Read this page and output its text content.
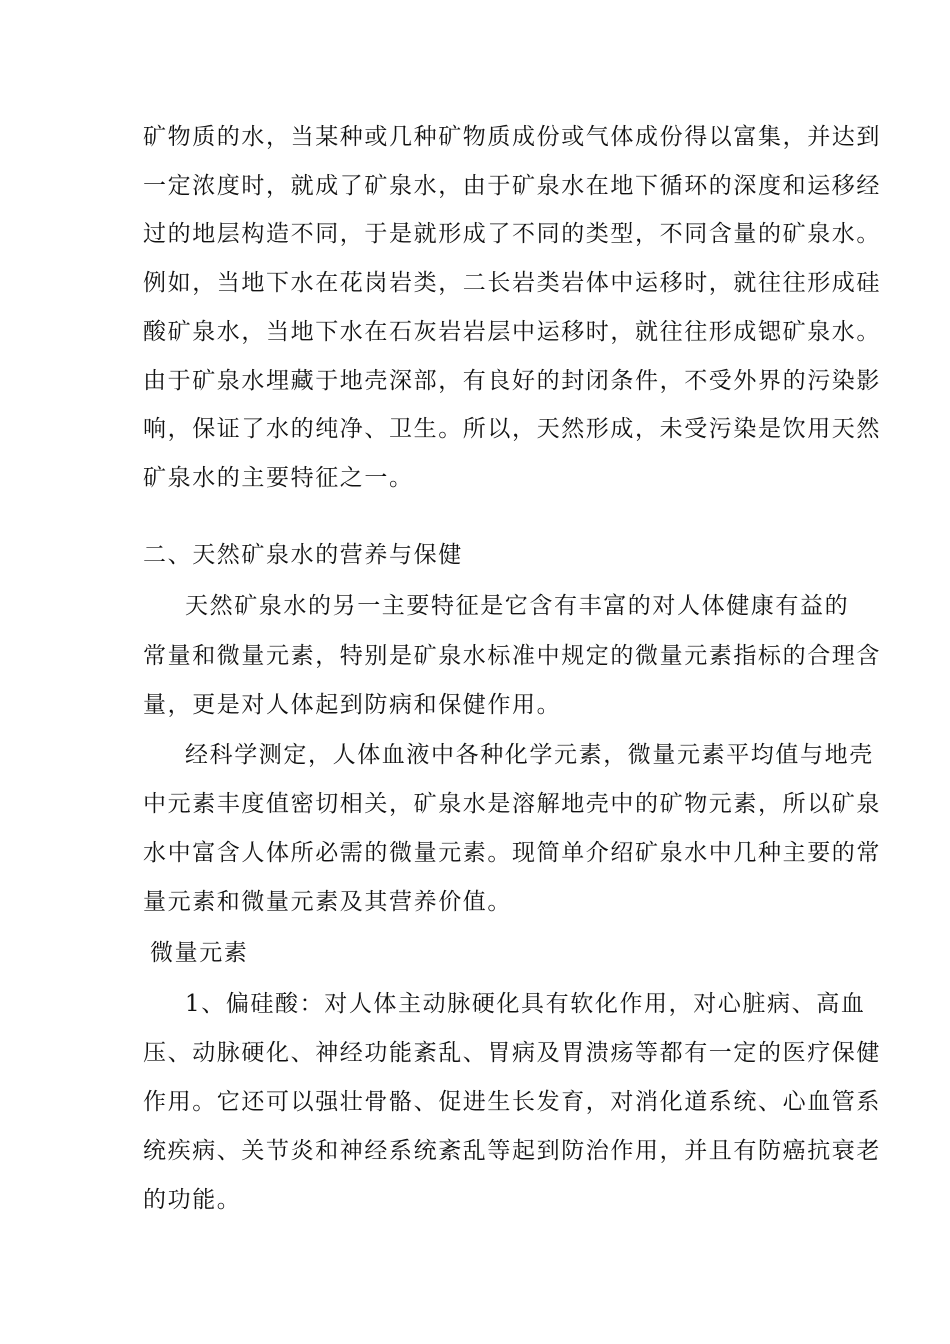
矿物质的水，当某种或几种矿物质成份或气体成份得以富集，并达到
一定浓度时，就成了矿泉水，由于矿泉水在地下循环的深度和运移经
过的地层构造不同，于是就形成了不同的类型，不同含量的矿泉水。
例如，当地下水在花岗岩类，二长岩类岩体中运移时，就往往形成硅
酸矿泉水，当地下水在石灰岩岩层中运移时，就往往形成锶矿泉水。
由于矿泉水埋藏于地壳深部，有良好的封闭条件，不受外界的污染影
响，保证了水的纯净、卫生。所以，天然形成，未受污染是饮用天然
矿泉水的主要特征之一。
二、天然矿泉水的营养与保健
天然矿泉水的另一主要特征是它含有丰富的对人体健康有益的
常量和微量元素，特别是矿泉水标准中规定的微量元素指标的合理含
量，更是对人体起到防病和保健作用。
经科学测定，人体血液中各种化学元素，微量元素平均值与地壳
中元素丰度值密切相关，矿泉水是溶解地壳中的矿物元素，所以矿泉
水中富含人体所必需的微量元素。现简单介绍矿泉水中几种主要的常
量元素和微量元素及其营养价值。
微量元素
1、偏硅酸：对人体主动脉硬化具有软化作用，对心脏病、高血
压、动脉硬化、神经功能紊乱、胃病及胃溃疡等都有一定的医疗保健
作用。它还可以强壮骨骼、促进生长发育，对消化道系统、心血管系
统疾病、关节炎和神经系统紊乱等起到防治作用，并且有防癌抗衰老
的功能。
